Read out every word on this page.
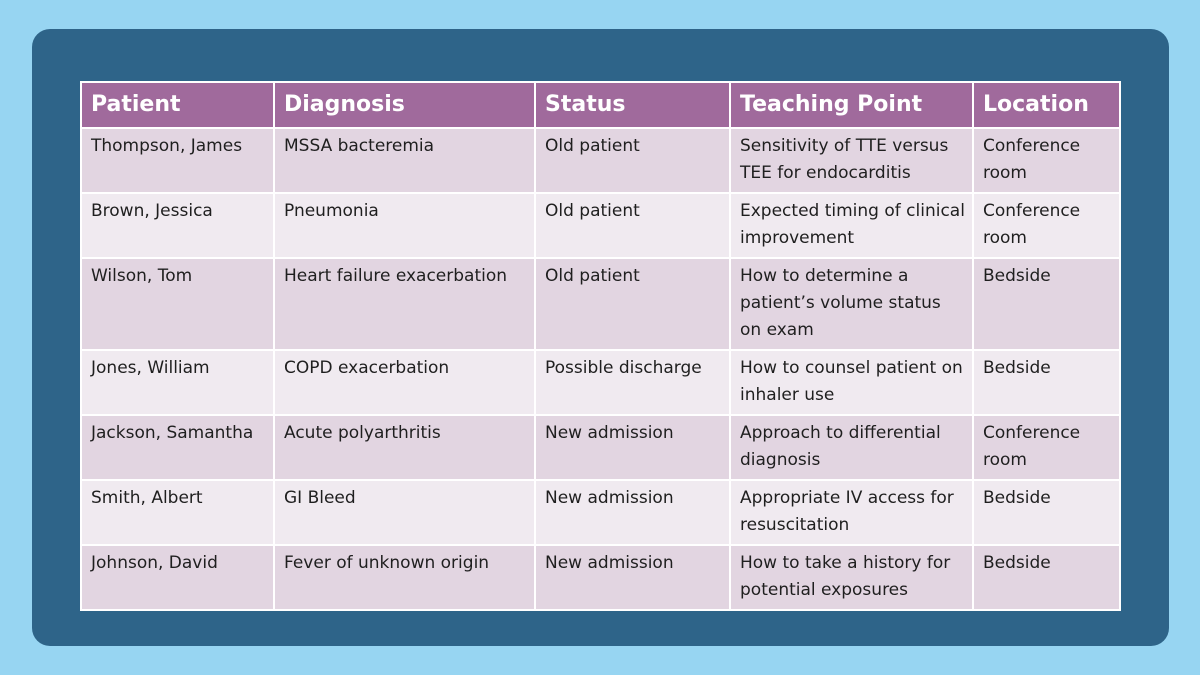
Patient	Diagnosis	Status	Teaching Point	Location
Thompson, James	MSSA bacteremia	Old patient	Sensitivity of TTE versus TEE for endocarditis	Conference room
Brown, Jessica	Pneumonia	Old patient	Expected timing of clinical improvement	Conference room
Wilson, Tom	Heart failure exacerbation	Old patient	How to determine a patient’s volume status on exam	Bedside
Jones, William	COPD exacerbation	Possible discharge	How to counsel patient on inhaler use	Bedside
Jackson, Samantha	Acute polyarthritis	New admission	Approach to differential diagnosis	Conference room
Smith, Albert	GI Bleed	New admission	Appropriate IV access for resuscitation	Bedside
Johnson, David	Fever of unknown origin	New admission	How to take a history for potential exposures	Bedside
